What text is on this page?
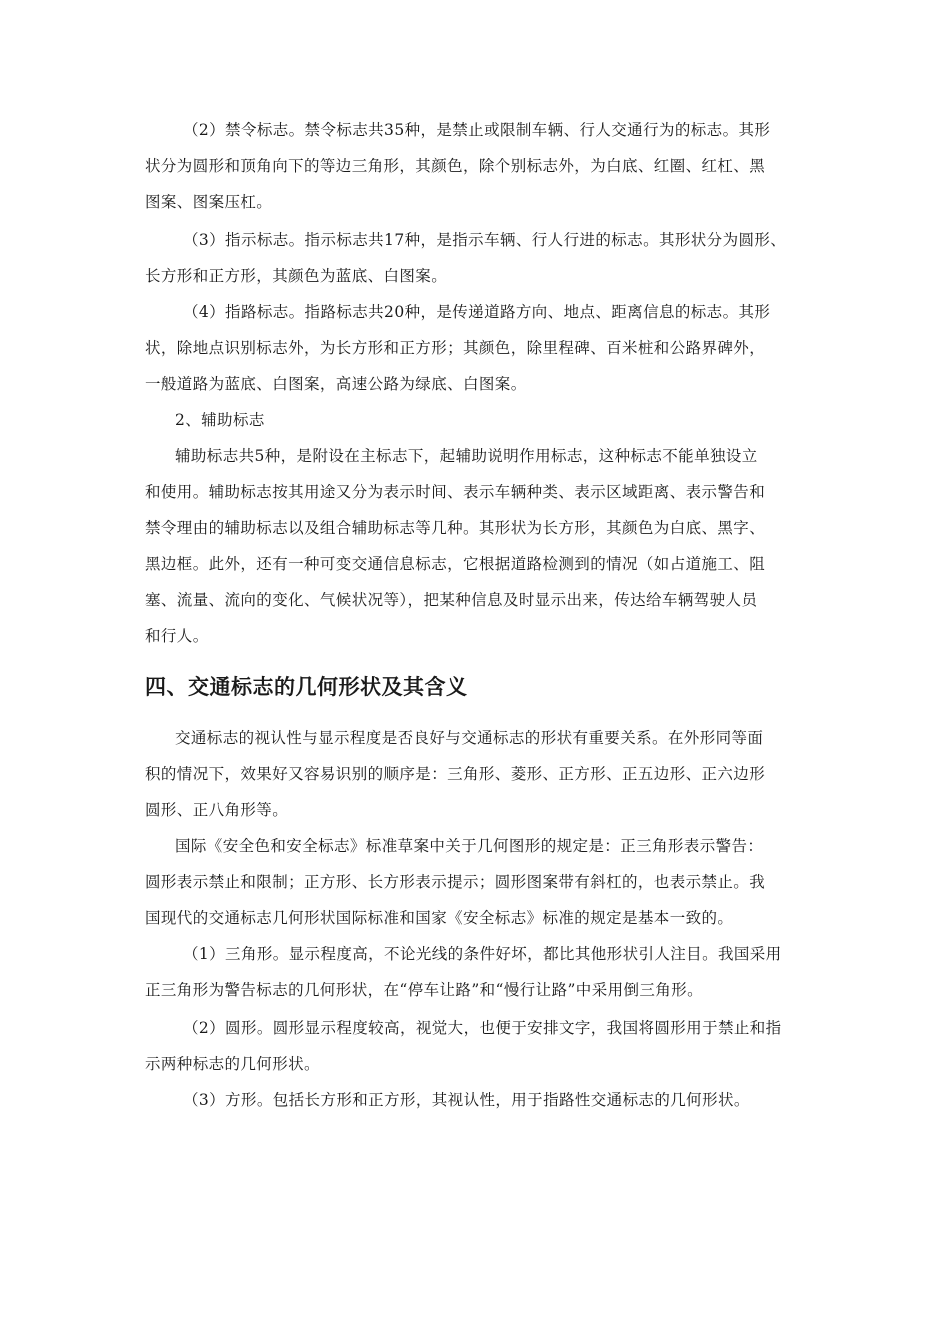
（2）禁令标志。禁令标志共35种，是禁止或限制车辆、行人交通行为的标志。其形
状分为圆形和顶角向下的等边三角形，其颜色，除个别标志外，为白底、红圈、红杠、黑
图案、图案压杠。
（3）指示标志。指示标志共17种，是指示车辆、行人行进的标志。其形状分为圆形、
长方形和正方形，其颜色为蓝底、白图案。
（4）指路标志。指路标志共20种，是传递道路方向、地点、距离信息的标志。其形
状，除地点识别标志外，为长方形和正方形；其颜色，除里程碑、百米桩和公路界碑外，
一般道路为蓝底、白图案，高速公路为绿底、白图案。
2、辅助标志
辅助标志共5种，是附设在主标志下，起辅助说明作用标志，这种标志不能单独设立
和使用。辅助标志按其用途又分为表示时间、表示车辆种类、表示区域距离、表示警告和
禁令理由的辅助标志以及组合辅助标志等几种。其形状为长方形，其颜色为白底、黑字、
黑边框。此外，还有一种可变交通信息标志，它根据道路检测到的情况（如占道施工、阻
塞、流量、流向的变化、气候状况等），把某种信息及时显示出来，传达给车辆驾驶人员
和行人。
四、交通标志的几何形状及其含义
交通标志的视认性与显示程度是否良好与交通标志的形状有重要关系。在外形同等面
积的情况下，效果好又容易识别的顺序是：三角形、菱形、正方形、正五边形、正六边形
圆形、正八角形等。
国际《安全色和安全标志》标准草案中关于几何图形的规定是：正三角形表示警告：
圆形表示禁止和限制；正方形、长方形表示提示；圆形图案带有斜杠的，也表示禁止。我
国现代的交通标志几何形状国际标准和国家《安全标志》标准的规定是基本一致的。
（1）三角形。显示程度高，不论光线的条件好坏，都比其他形状引人注目。我国采用
正三角形为警告标志的几何形状，在“停车让路”和“慢行让路”中采用倒三角形。
（2）圆形。圆形显示程度较高，视觉大，也便于安排文字，我国将圆形用于禁止和指
示两种标志的几何形状。
（3）方形。包括长方形和正方形，其视认性，用于指路性交通标志的几何形状。
